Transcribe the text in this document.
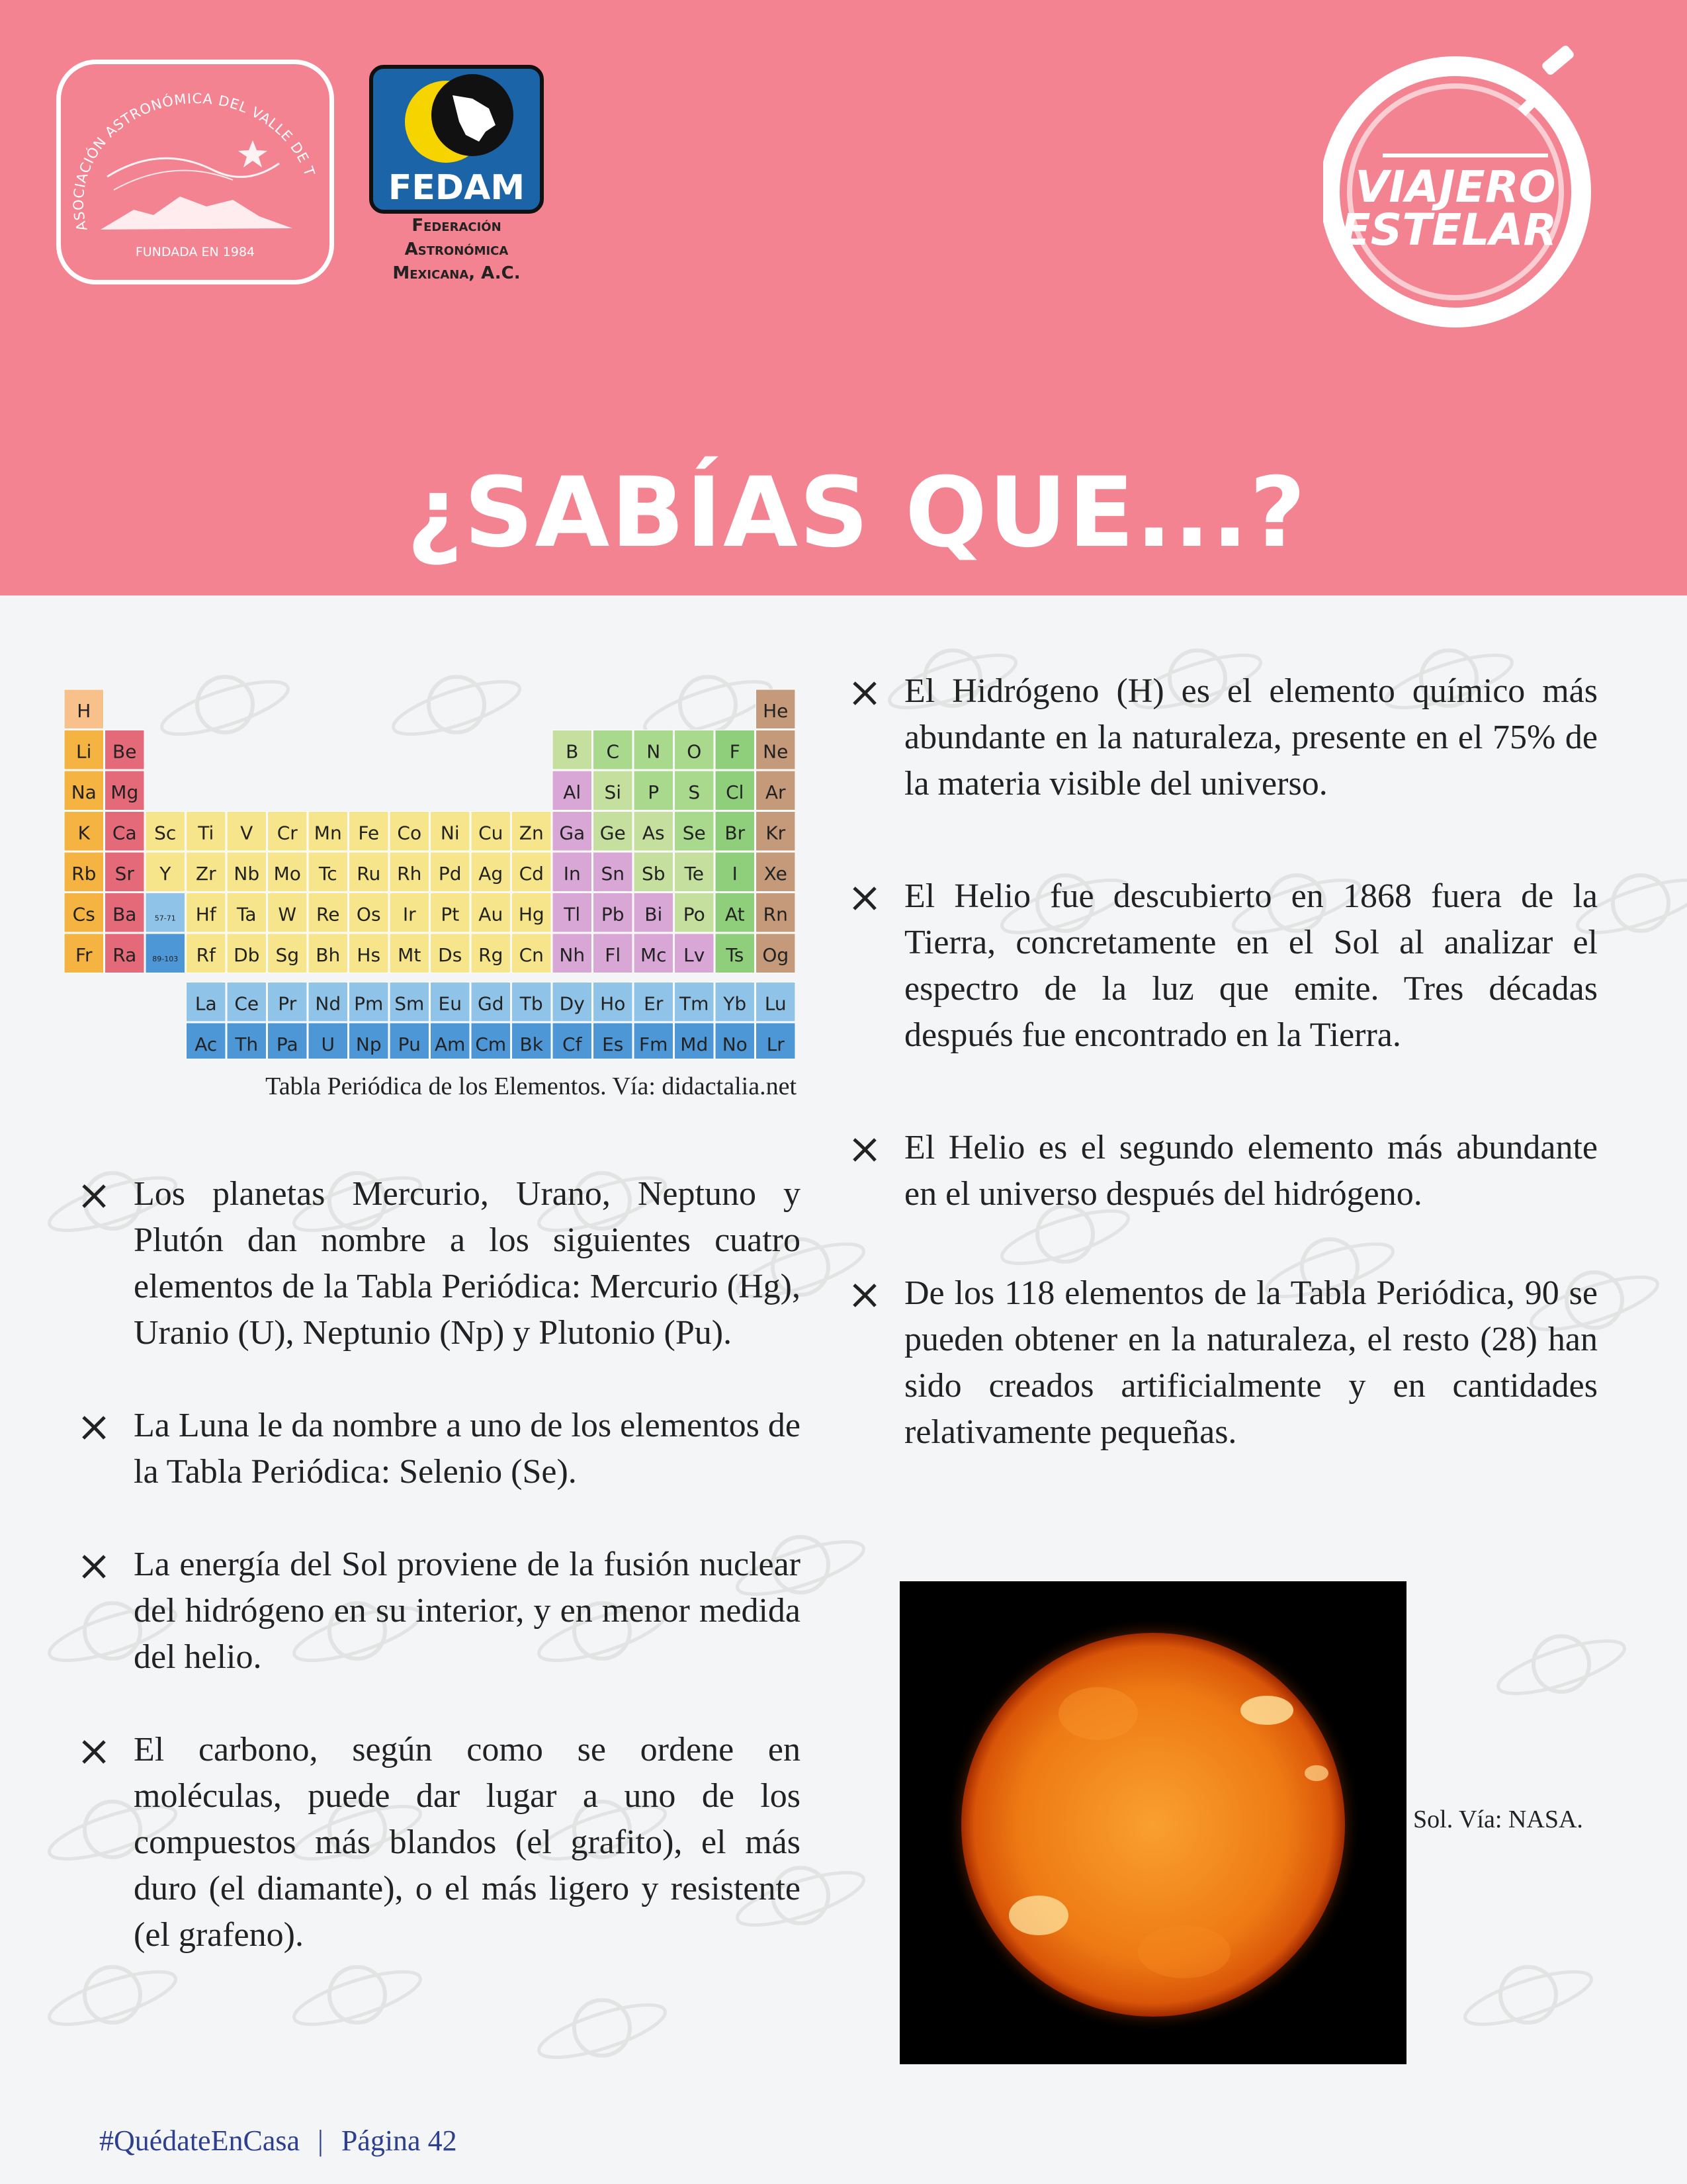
ASOCIACIÓN ASTRONÓMICA DEL VALLE DE T
FUNDADA EN 1984
FEDAM
Federación
Astronómica
Mexicana, A.C.
VIAJERO
ESTELAR
¿SABÍAS QUE...?
H	He
Li Be	B C N O F Ne
Na Mg	Al Si P S Cl Ar
K Ca Sc Ti V Cr Mn Fe Co Ni Cu Zn Ga Ge As Se Br Kr
Rb Sr Y Zr Nb Mo Tc Ru Rh Pd Ag Cd In Sn Sb Te I Xe
Cs Ba 57-71 Hf Ta W Re Os Ir Pt Au Hg Tl Pb Bi Po At Rn
Fr Ra 89-103 Rf Db Sg Bh Hs Mt Ds Rg Cn Nh Fl Mc Lv Ts Og
La Ce Pr Nd Pm Sm Eu Gd Tb Dy Ho Er Tm Yb Lu
Ac Th Pa U Np Pu Am Cm Bk Cf Es Fm Md No Lr
Tabla Periódica de los Elementos. Vía: didactalia.net
Los planetas Mercurio, Urano, Neptuno y Plutón dan nombre a los siguientes cuatro elementos de la Tabla Periódica: Mercurio (Hg), Uranio (U), Neptunio (Np) y Plutonio (Pu).
La Luna le da nombre a uno de los elementos de la Tabla Periódica: Selenio (Se).
La energía del Sol proviene de la fusión nuclear del hidrógeno en su interior, y en menor medida del helio.
El carbono, según como se ordene en moléculas, puede dar lugar a uno de los compuestos más blandos (el grafito), el más duro (el diamante), o el más ligero y resistente (el grafeno).
El Hidrógeno (H) es el elemento químico más abundante en la naturaleza, presente en el 75% de la materia visible del universo.
El Helio fue descubierto en 1868 fuera de la Tierra, concretamente en el Sol al analizar el espectro de la luz que emite. Tres décadas después fue encontrado en la Tierra.
El Helio es el segundo elemento más abundante en el universo después del hidrógeno.
De los 118 elementos de la Tabla Periódica, 90 se pueden obtener en la naturaleza, el resto (28) han sido creados artificialmente y en cantidades relativamente pequeñas.
Sol. Vía: NASA.
#QuédateEnCasa | Página 42
